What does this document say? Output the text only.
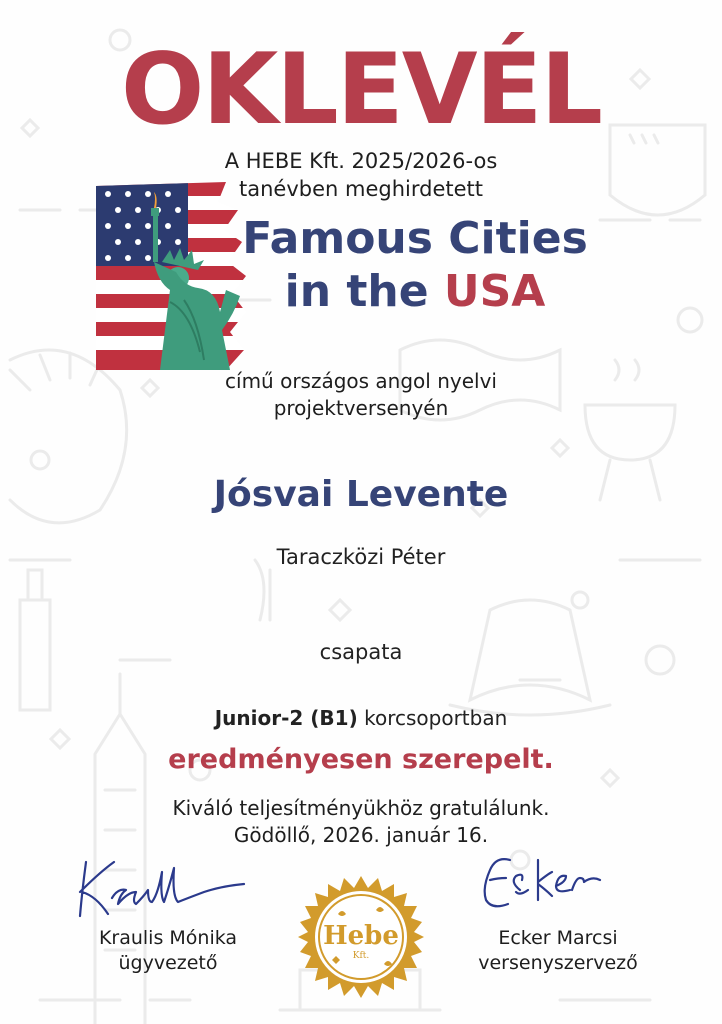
OKLEVÉL
A HEBE Kft. 2025/2026-os
tanévben meghirdetett
Famous Cities
in the USA
című országos angol nyelvi
projektversenyén
Jósvai Levente
Taraczközi Péter
csapata
Junior-2 (B1) korcsoportban
eredményesen szerepelt.
Kiváló teljesítményükhöz gratulálunk.
Gödöllő, 2026. január 16.
Kraulis Mónika
ügyvezető
Ecker Marcsi
versenyszervező
Hebe
Kft.
